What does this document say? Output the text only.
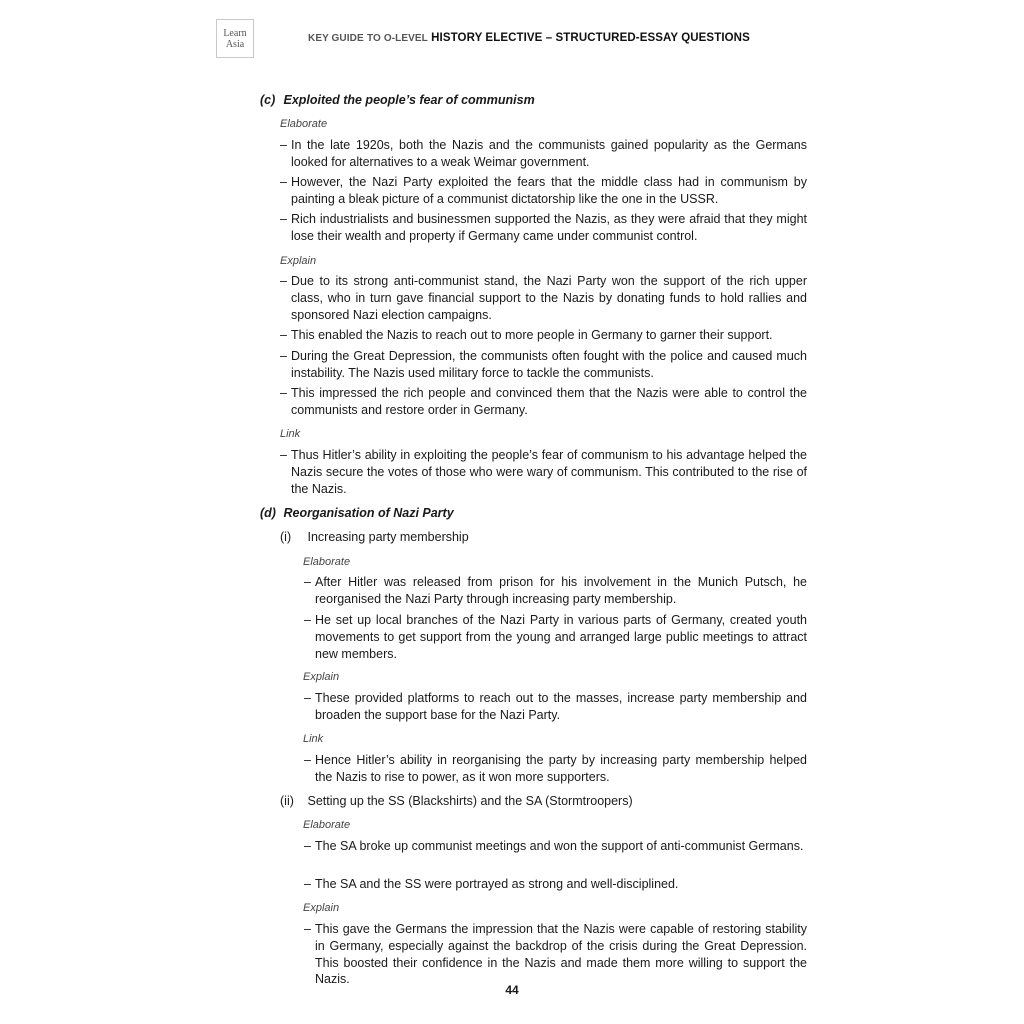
Learn
Asia
KEY GUIDE TO O-LEVEL HISTORY ELECTIVE – STRUCTURED-ESSAY QUESTIONS
(c) Exploited the people’s fear of communism
Elaborate
– In the late 1920s, both the Nazis and the communists gained popularity as the Germans looked for alternatives to a weak Weimar government.
– However, the Nazi Party exploited the fears that the middle class had in communism by painting a bleak picture of a communist dictatorship like the one in the USSR.
– Rich industrialists and businessmen supported the Nazis, as they were afraid that they might lose their wealth and property if Germany came under communist control.
Explain
– Due to its strong anti-communist stand, the Nazi Party won the support of the rich upper class, who in turn gave financial support to the Nazis by donating funds to hold rallies and sponsored Nazi election campaigns.
– This enabled the Nazis to reach out to more people in Germany to garner their support.
– During the Great Depression, the communists often fought with the police and caused much instability. The Nazis used military force to tackle the communists.
– This impressed the rich people and convinced them that the Nazis were able to control the communists and restore order in Germany.
Link
– Thus Hitler’s ability in exploiting the people’s fear of communism to his advantage helped the Nazis secure the votes of those who were wary of communism. This contributed to the rise of the Nazis.
(d) Reorganisation of Nazi Party
(i) Increasing party membership
Elaborate
– After Hitler was released from prison for his involvement in the Munich Putsch, he reorganised the Nazi Party through increasing party membership.
– He set up local branches of the Nazi Party in various parts of Germany, created youth movements to get support from the young and arranged large public meetings to attract new members.
Explain
– These provided platforms to reach out to the masses, increase party membership and broaden the support base for the Nazi Party.
Link
– Hence Hitler’s ability in reorganising the party by increasing party membership helped the Nazis to rise to power, as it won more supporters.
(ii) Setting up the SS (Blackshirts) and the SA (Stormtroopers)
Elaborate
– The SA broke up communist meetings and won the support of anti-communist Germans.
– The SA and the SS were portrayed as strong and well-disciplined.
Explain
– This gave the Germans the impression that the Nazis were capable of restoring stability in Germany, especially against the backdrop of the crisis during the Great Depression. This boosted their confidence in the Nazis and made them more willing to support the Nazis.
44
